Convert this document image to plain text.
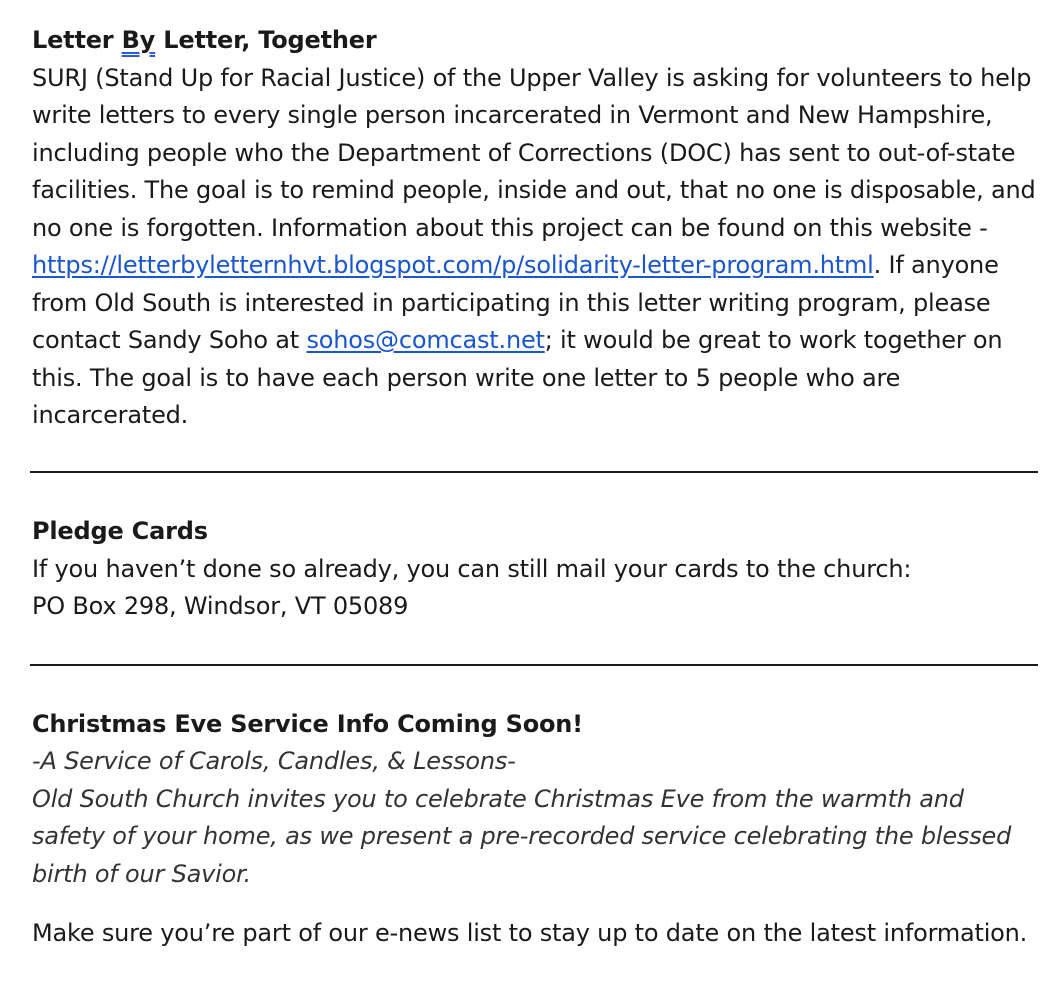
Letter By Letter, Together
SURJ (Stand Up for Racial Justice) of the Upper Valley is asking for volunteers to help write letters to every single person incarcerated in Vermont and New Hampshire, including people who the Department of Corrections (DOC) has sent to out-of-state facilities. The goal is to remind people, inside and out, that no one is disposable, and no one is forgotten. Information about this project can be found on this website - https://letterbyletternhvt.blogspot.com/p/solidarity-letter-program.html. If anyone from Old South is interested in participating in this letter writing program, please contact Sandy Soho at sohos@comcast.net; it would be great to work together on this. The goal is to have each person write one letter to 5 people who are incarcerated.
Pledge Cards
If you haven’t done so already, you can still mail your cards to the church:
PO Box 298, Windsor, VT 05089
Christmas Eve Service Info Coming Soon!
-A Service of Carols, Candles, & Lessons-
Old South Church invites you to celebrate Christmas Eve from the warmth and safety of your home, as we present a pre-recorded service celebrating the blessed birth of our Savior.
Make sure you’re part of our e-news list to stay up to date on the latest information.
